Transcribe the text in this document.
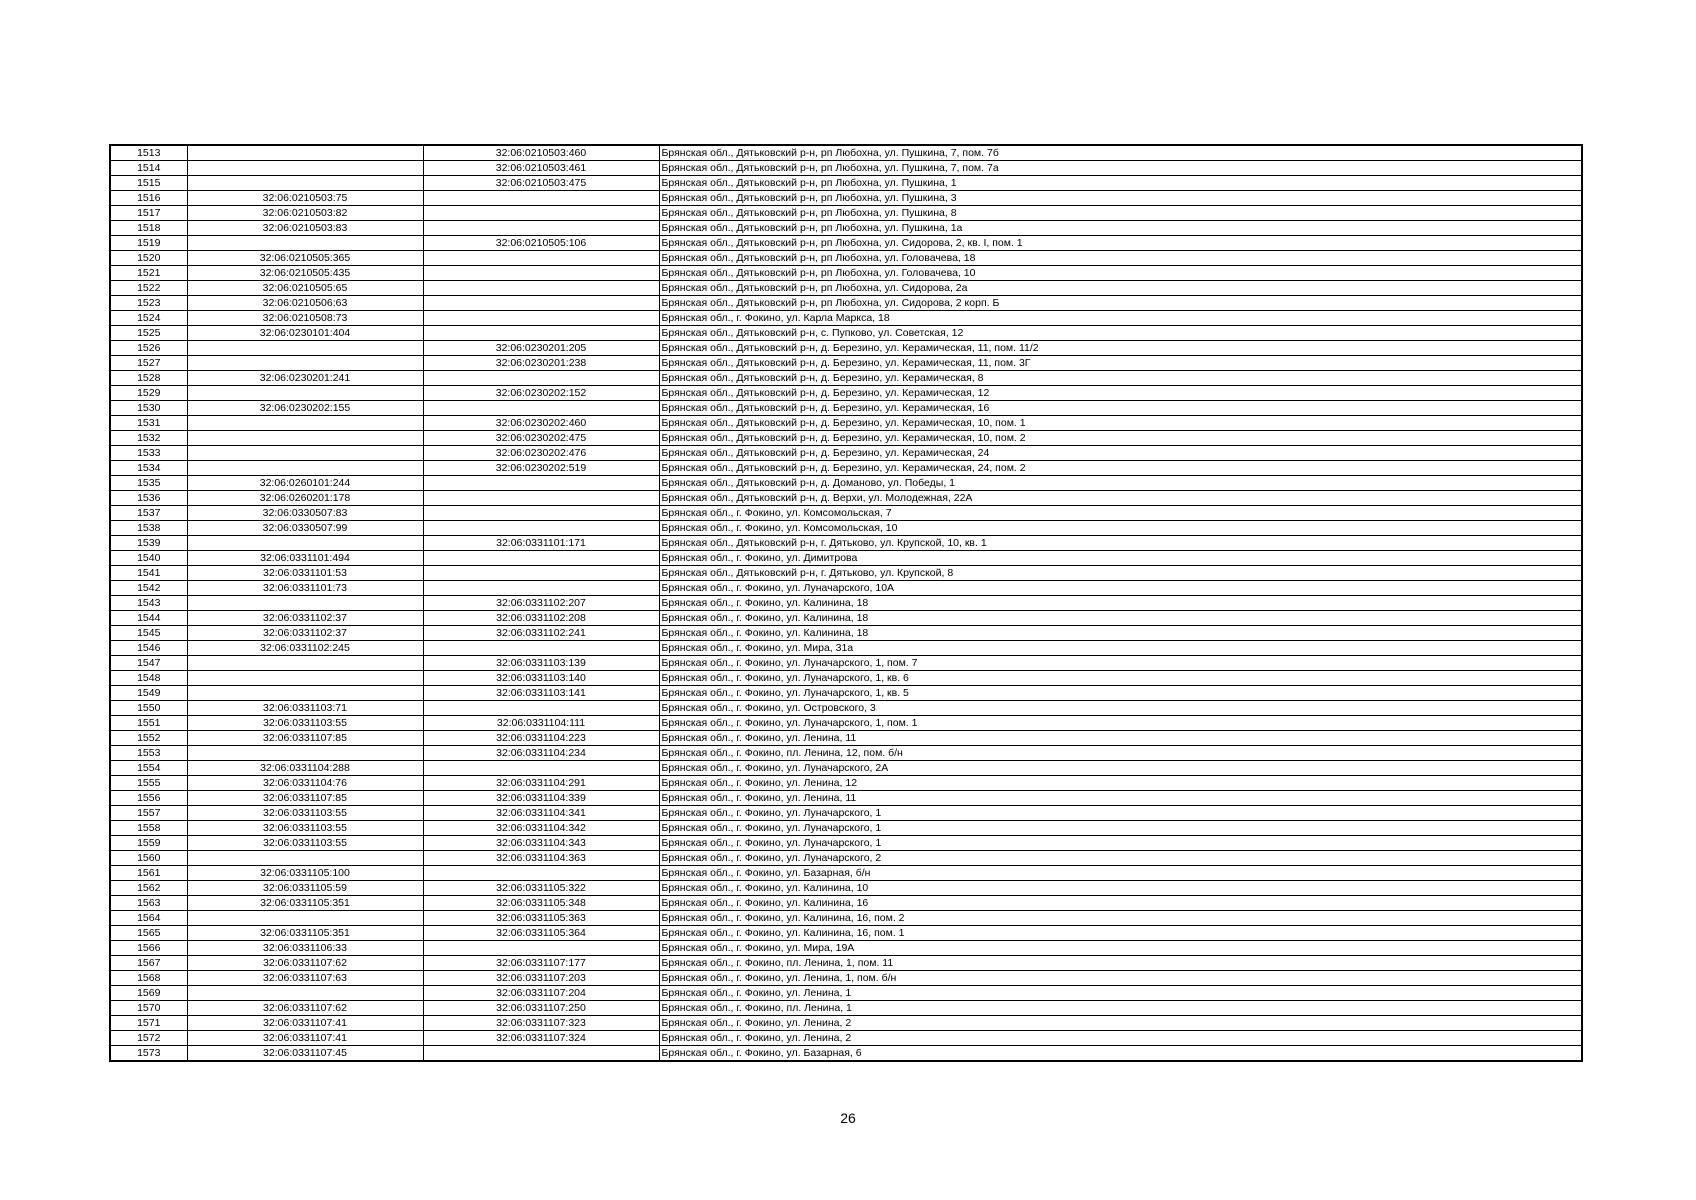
1513		32:06:0210503:460	Брянская обл., Дятьковский р-н, рп Любохна, ул. Пушкина, 7, пом. 7б
1514		32:06:0210503:461	Брянская обл., Дятьковский р-н, рп Любохна, ул. Пушкина, 7, пом. 7а
1515		32:06:0210503:475	Брянская обл., Дятьковский р-н, рп Любохна, ул. Пушкина, 1
1516	32:06:0210503:75		Брянская обл., Дятьковский р-н, рп Любохна, ул. Пушкина, 3
1517	32:06:0210503:82		Брянская обл., Дятьковский р-н, рп Любохна, ул. Пушкина, 8
1518	32:06:0210503:83		Брянская обл., Дятьковский р-н, рп Любохна, ул. Пушкина, 1а
1519		32:06:0210505:106	Брянская обл., Дятьковский р-н, рп Любохна, ул. Сидорова, 2, кв. I, пом. 1
1520	32:06:0210505:365		Брянская обл., Дятьковский р-н, рп Любохна, ул. Головачева, 18
1521	32:06:0210505:435		Брянская обл., Дятьковский р-н, рп Любохна, ул. Головачева, 10
1522	32:06:0210505:65		Брянская обл., Дятьковский р-н, рп Любохна, ул. Сидорова, 2а
1523	32:06:0210506:63		Брянская обл., Дятьковский р-н, рп Любохна, ул. Сидорова, 2 корп. Б
1524	32:06:0210508:73		Брянская обл., г. Фокино, ул. Карла Маркса, 18
1525	32:06:0230101:404		Брянская обл., Дятьковский р-н, с. Пупково, ул. Советская, 12
1526		32:06:0230201:205	Брянская обл., Дятьковский р-н, д. Березино, ул. Керамическая, 11, пом. 11/2
1527		32:06:0230201:238	Брянская обл., Дятьковский р-н, д. Березино, ул. Керамическая, 11, пом. 3Г
1528	32:06:0230201:241		Брянская обл., Дятьковский р-н, д. Березино, ул. Керамическая, 8
1529		32:06:0230202:152	Брянская обл., Дятьковский р-н, д. Березино, ул. Керамическая, 12
1530	32:06:0230202:155		Брянская обл., Дятьковский р-н, д. Березино, ул. Керамическая, 16
1531		32:06:0230202:460	Брянская обл., Дятьковский р-н, д. Березино, ул. Керамическая, 10, пом. 1
1532		32:06:0230202:475	Брянская обл., Дятьковский р-н, д. Березино, ул. Керамическая, 10, пом. 2
1533		32:06:0230202:476	Брянская обл., Дятьковский р-н, д. Березино, ул. Керамическая, 24
1534		32:06:0230202:519	Брянская обл., Дятьковский р-н, д. Березино, ул. Керамическая, 24, пом. 2
1535	32:06:0260101:244		Брянская обл., Дятьковский р-н, д. Доманово, ул. Победы, 1
1536	32:06:0260201:178		Брянская обл., Дятьковский р-н, д. Верхи, ул. Молодежная, 22А
1537	32:06:0330507:83		Брянская обл., г. Фокино, ул. Комсомольская, 7
1538	32:06:0330507:99		Брянская обл., г. Фокино, ул. Комсомольская, 10
1539		32:06:0331101:171	Брянская обл., Дятьковский р-н, г. Дятьково, ул. Крупской, 10, кв. 1
1540	32:06:0331101:494		Брянская обл., г. Фокино, ул. Димитрова
1541	32:06:0331101:53		Брянская обл., Дятьковский р-н, г. Дятьково, ул. Крупской, 8
1542	32:06:0331101:73		Брянская обл., г. Фокино, ул. Луначарского, 10А
1543		32:06:0331102:207	Брянская обл., г. Фокино, ул. Калинина, 18
1544	32:06:0331102:37	32:06:0331102:208	Брянская обл., г. Фокино, ул. Калинина, 18
1545	32:06:0331102:37	32:06:0331102:241	Брянская обл., г. Фокино, ул. Калинина, 18
1546	32:06:0331102:245		Брянская обл., г. Фокино, ул. Мира, 31а
1547		32:06:0331103:139	Брянская обл., г. Фокино, ул. Луначарского, 1, пом. 7
1548		32:06:0331103:140	Брянская обл., г. Фокино, ул. Луначарского, 1, кв. 6
1549		32:06:0331103:141	Брянская обл., г. Фокино, ул. Луначарского, 1, кв. 5
1550	32:06:0331103:71		Брянская обл., г. Фокино, ул. Островского, 3
1551	32:06:0331103:55	32:06:0331104:111	Брянская обл., г. Фокино, ул. Луначарского, 1, пом. 1
1552	32:06:0331107:85	32:06:0331104:223	Брянская обл., г. Фокино, ул. Ленина, 11
1553		32:06:0331104:234	Брянская обл., г. Фокино, пл. Ленина, 12, пом. б/н
1554	32:06:0331104:288		Брянская обл., г. Фокино, ул. Луначарского, 2А
1555	32:06:0331104:76	32:06:0331104:291	Брянская обл., г. Фокино, ул. Ленина, 12
1556	32:06:0331107:85	32:06:0331104:339	Брянская обл., г. Фокино, ул. Ленина, 11
1557	32:06:0331103:55	32:06:0331104:341	Брянская обл., г. Фокино, ул. Луначарского, 1
1558	32:06:0331103:55	32:06:0331104:342	Брянская обл., г. Фокино, ул. Луначарского, 1
1559	32:06:0331103:55	32:06:0331104:343	Брянская обл., г. Фокино, ул. Луначарского, 1
1560		32:06:0331104:363	Брянская обл., г. Фокино, ул. Луначарского, 2
1561	32:06:0331105:100		Брянская обл., г. Фокино, ул. Базарная, б/н
1562	32:06:0331105:59	32:06:0331105:322	Брянская обл., г. Фокино, ул. Калинина, 10
1563	32:06:0331105:351	32:06:0331105:348	Брянская обл., г. Фокино, ул. Калинина, 16
1564		32:06:0331105:363	Брянская обл., г. Фокино, ул. Калинина, 16, пом. 2
1565	32:06:0331105:351	32:06:0331105:364	Брянская обл., г. Фокино, ул. Калинина, 16, пом. 1
1566	32:06:0331106:33		Брянская обл., г. Фокино, ул. Мира, 19А
1567	32:06:0331107:62	32:06:0331107:177	Брянская обл., г. Фокино, пл. Ленина, 1, пом. 11
1568	32:06:0331107:63	32:06:0331107:203	Брянская обл., г. Фокино, ул. Ленина, 1, пом. б/н
1569		32:06:0331107:204	Брянская обл., г. Фокино, ул. Ленина, 1
1570	32:06:0331107:62	32:06:0331107:250	Брянская обл., г. Фокино, пл. Ленина, 1
1571	32:06:0331107:41	32:06:0331107:323	Брянская обл., г. Фокино, ул. Ленина, 2
1572	32:06:0331107:41	32:06:0331107:324	Брянская обл., г. Фокино, ул. Ленина, 2
1573	32:06:0331107:45		Брянская обл., г. Фокино, ул. Базарная, 6
26
